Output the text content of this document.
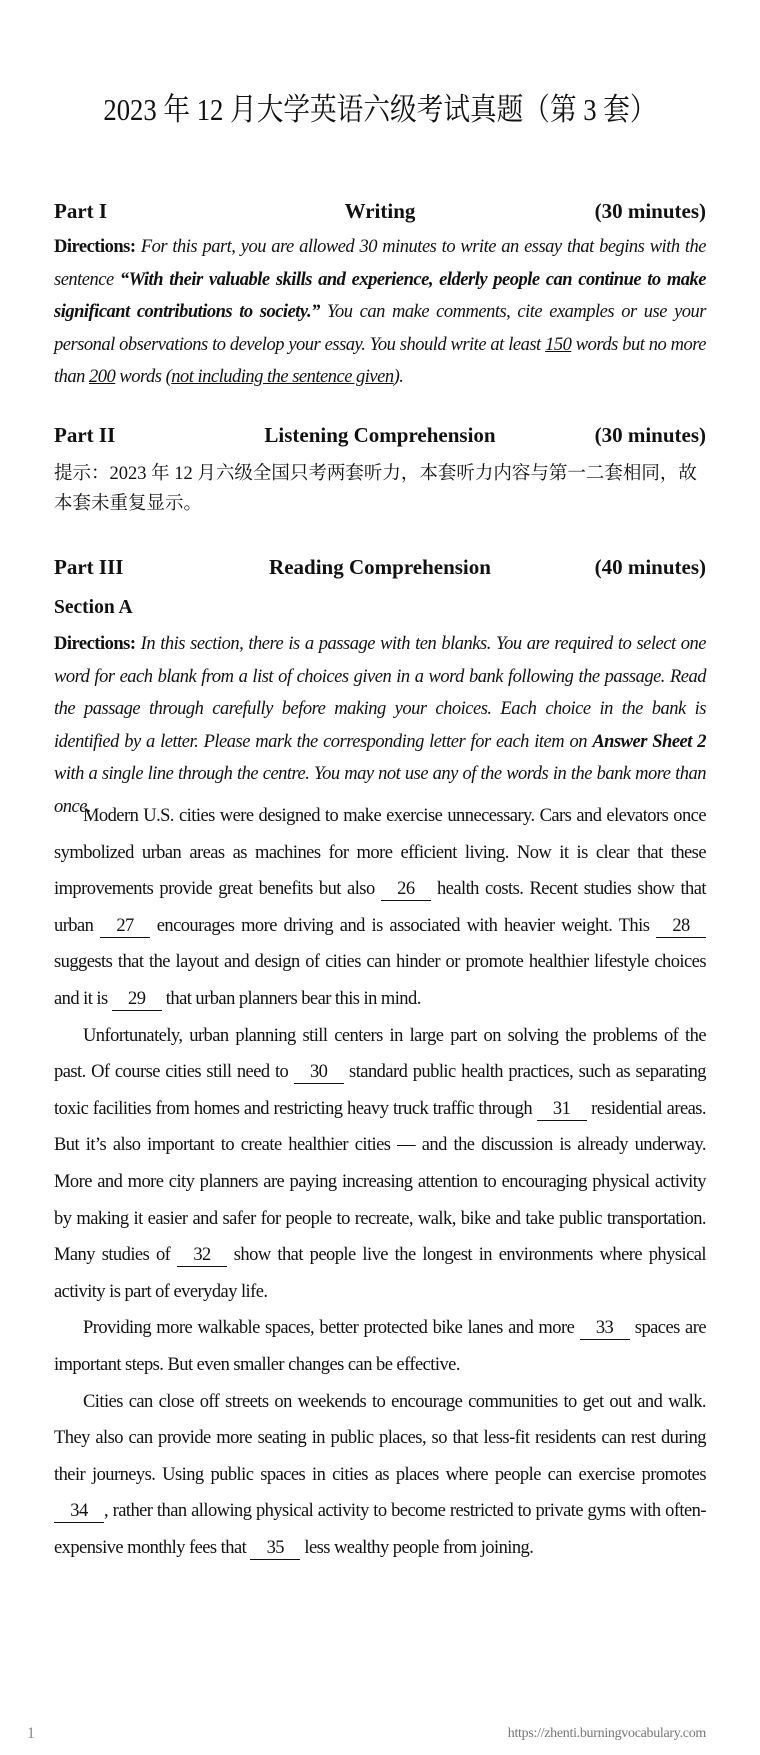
2023 年 12 月大学英语六级考试真题（第 3 套）
Part I	Writing	(30 minutes)
Directions: For this part, you are allowed 30 minutes to write an essay that begins with the sentence “With their valuable skills and experience, elderly people can continue to make significant contributions to society.” You can make comments, cite examples or use your personal observations to develop your essay. You should write at least 150 words but no more than 200 words (not including the sentence given).
Part II	Listening Comprehension	(30 minutes)
提示：2023 年 12 月六级全国只考两套听力，本套听力内容与第一二套相同，故本套未重复显示。
Part III	Reading Comprehension	(40 minutes)
Section A
Directions: In this section, there is a passage with ten blanks. You are required to select one word for each blank from a list of choices given in a word bank following the passage. Read the passage through carefully before making your choices. Each choice in the bank is identified by a letter. Please mark the corresponding letter for each item on Answer Sheet 2 with a single line through the centre. You may not use any of the words in the bank more than once.

Modern U.S. cities were designed to make exercise unnecessary. Cars and elevators once symbolized urban areas as machines for more efficient living. Now it is clear that these improvements provide great benefits but also 26 health costs. Recent studies show that urban 27 encourages more driving and is associated with heavier weight. This 28 suggests that the layout and design of cities can hinder or promote healthier lifestyle choices and it is 29 that urban planners bear this in mind.

Unfortunately, urban planning still centers in large part on solving the problems of the past. Of course cities still need to 30 standard public health practices, such as separating toxic facilities from homes and restricting heavy truck traffic through 31 residential areas. But it’s also important to create healthier cities — and the discussion is already underway. More and more city planners are paying increasing attention to encouraging physical activity by making it easier and safer for people to recreate, walk, bike and take public transportation. Many studies of 32 show that people live the longest in environments where physical activity is part of everyday life.

Providing more walkable spaces, better protected bike lanes and more 33 spaces are important steps. But even smaller changes can be effective.

Cities can close off streets on weekends to encourage communities to get out and walk. They also can provide more seating in public places, so that less-fit residents can rest during their journeys. Using public spaces in cities as places where people can exercise promotes 34 , rather than allowing physical activity to become restricted to private gyms with often-expensive monthly fees that 35 less wealthy people from joining.

1	https://zhenti.burningvocabulary.com
